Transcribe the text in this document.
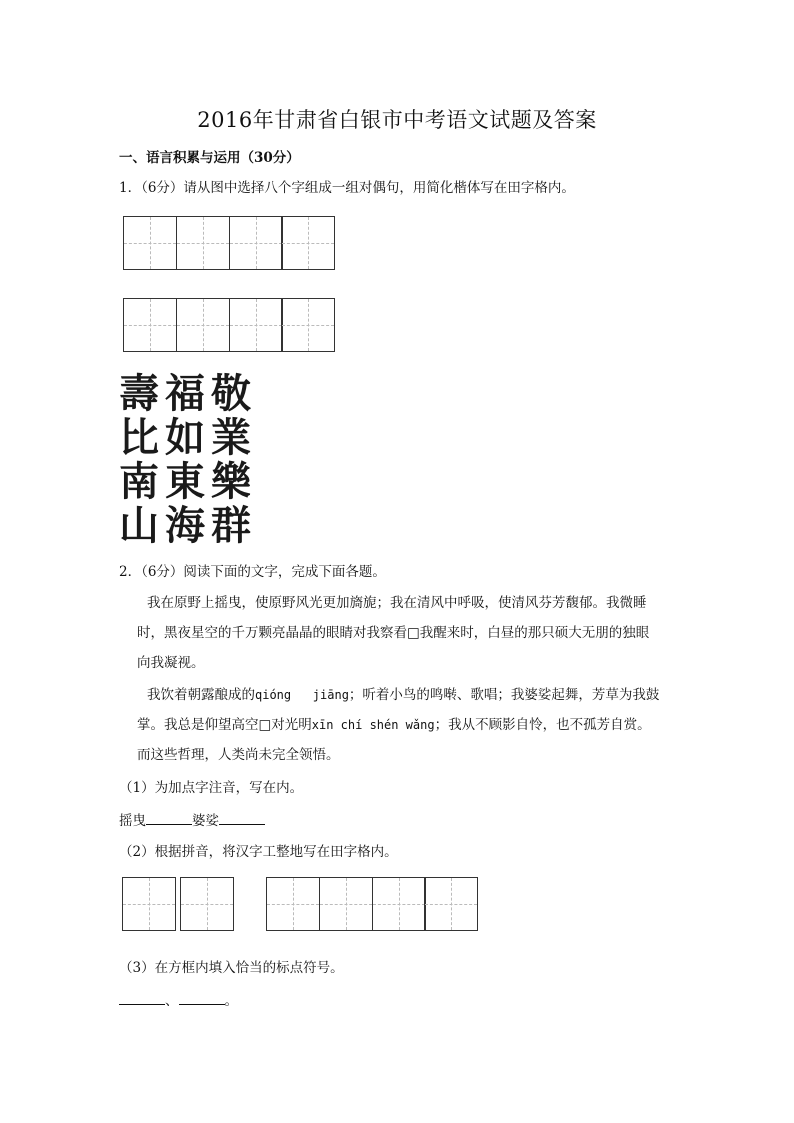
2016年甘肃省白银市中考语文试题及答案
一、语言积累与运用（30分）
1．（6分）请从图中选择八个字组成一组对偶句，用简化楷体写在田字格内。
壽福敬
比如業
南東樂
山海群
2．（6分）阅读下面的文字，完成下面各题。
我在原野上摇曳，使原野风光更加旖旎；我在清风中呼吸，使清风芬芳馥郁。我微睡
时，黑夜星空的千万颗亮晶晶的眼睛对我察看□我醒来时，白昼的那只硕大无朋的独眼
向我凝视。
我饮着朝露酿成的qióng   jiāng；听着小鸟的鸣啭、歌唱；我婆娑起舞，芳草为我鼓
掌。我总是仰望高空□对光明xīn chí shén wǎng；我从不顾影自怜，也不孤芳自赏。
而这些哲理，人类尚未完全领悟。
（1）为加点字注音，写在内。
摇曳	婆娑
（2）根据拼音，将汉字工整地写在田字格内。
（3）在方框内填入恰当的标点符号。
、	。
